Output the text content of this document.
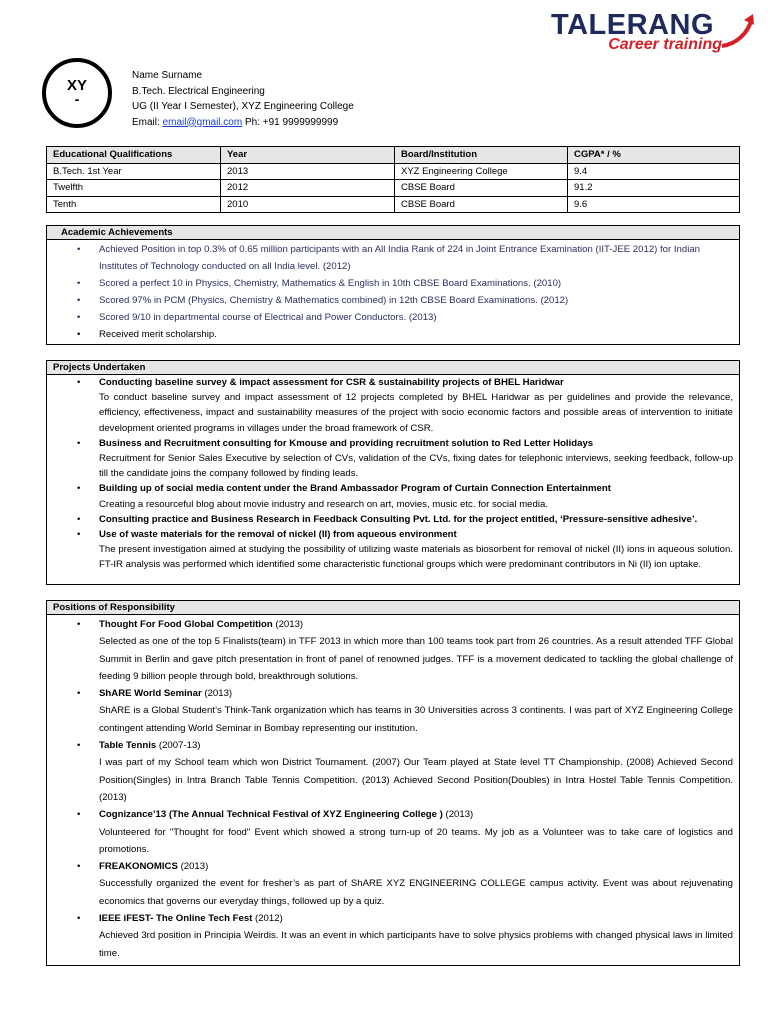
TALERANG
Career training
XY
-
Name Surname
B.Tech. Electrical Engineering
UG (II Year I Semester), XYZ Engineering College
Email: email@gmail.com Ph: +91 9999999999
Educational Qualifications	Year	Board/Institution	CGPA* / %
B.Tech. 1st Year	2013	XYZ Engineering College	9.4
Twelfth	2012	CBSE Board	91.2
Tenth	2010	CBSE Board	9.6
Academic Achievements
• Achieved Position in top 0.3% of 0.65 million participants with an All India Rank of 224 in Joint Entrance Examination (IIT-JEE 2012) for Indian Institutes of Technology conducted on all India level. (2012)
• Scored a perfect 10 in Physics, Chemistry, Mathematics & English in 10th CBSE Board Examinations. (2010)
• Scored 97% in PCM (Physics, Chemistry & Mathematics combined) in 12th CBSE Board Examinations. (2012)
• Scored 9/10 in departmental course of Electrical and Power Conductors. (2013)
• Received merit scholarship.
Projects Undertaken
• Conducting baseline survey & impact assessment for CSR & sustainability projects of BHEL Haridwar
To conduct baseline survey and impact assessment of 12 projects completed by BHEL Haridwar as per guidelines and provide the relevance, efficiency, effectiveness, impact and sustainability measures of the project with socio economic factors and possible areas of intervention to initiate development oriented programs in villages under the broad framework of CSR.
• Business and Recruitment consulting for Kmouse and providing recruitment solution to Red Letter Holidays
Recruitment for Senior Sales Executive by selection of CVs, validation of the CVs, fixing dates for telephonic interviews, seeking feedback, follow-up till the candidate joins the company followed by finding leads.
• Building up of social media content under the Brand Ambassador Program of Curtain Connection Entertainment
Creating a resourceful blog about movie industry and research on art, movies, music etc. for social media.
• Consulting practice and Business Research in Feedback Consulting Pvt. Ltd. for the project entitled, ‘Pressure-sensitive adhesive’.
• Use of waste materials for the removal of nickel (II) from aqueous environment
The present investigation aimed at studying the possibility of utilizing waste materials as biosorbent for removal of nickel (II) ions in aqueous solution. FT-IR analysis was performed which identified some characteristic functional groups which were predominant contributors in Ni (II) ion uptake.
Positions of Responsibility
• Thought For Food Global Competition (2013)
Selected as one of the top 5 Finalists(team) in TFF 2013 in which more than 100 teams took part from 26 countries. As a result attended TFF Global Summit in Berlin and gave pitch presentation in front of panel of renowned judges. TFF is a movement dedicated to tackling the global challenge of feeding 9 billion people through bold, breakthrough solutions.
• ShARE World Seminar (2013)
ShARE is a Global Student’s Think-Tank organization which has teams in 30 Universities across 3 continents. I was part of XYZ Engineering College contingent attending World Seminar in Bombay representing our institution.
• Table Tennis (2007-13)
I was part of my School team which won District Tournament. (2007) Our Team played at State level TT Championship. (2008) Achieved Second Position(Singles) in Intra Branch Table Tennis Competition. (2013) Achieved Second Position(Doubles) in Intra Hostel Table Tennis Competition. (2013)
• Cognizance’13 (The Annual Technical Festival of XYZ Engineering College ) (2013)
Volunteered for "Thought for food" Event which showed a strong turn-up of 20 teams. My job as a Volunteer was to take care of logistics and promotions.
• FREAKONOMICS (2013)
Successfully organized the event for fresher’s as part of ShARE XYZ ENGINEERING COLLEGE campus activity. Event was about rejuvenating economics that governs our everyday things, followed up by a quiz.
• IEEE iFEST- The Online Tech Fest (2012)
Achieved 3rd position in Principia Weirdis. It was an event in which participants have to solve physics problems with changed physical laws in limited time.
